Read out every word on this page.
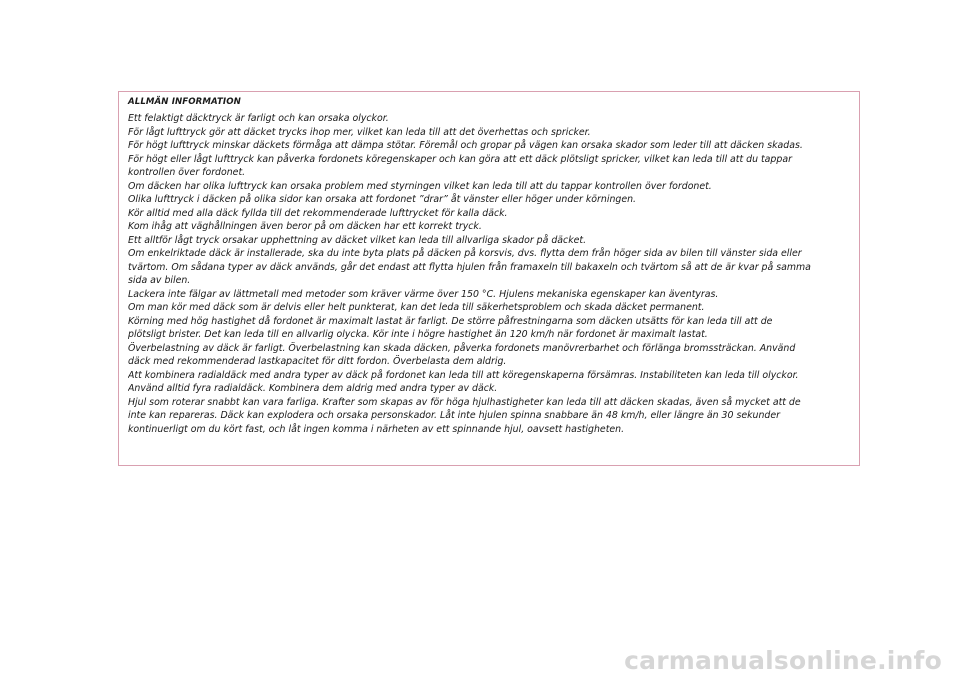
ALLMÄN INFORMATION
Ett felaktigt däcktryck är farligt och kan orsaka olyckor.
För lågt lufttryck gör att däcket trycks ihop mer, vilket kan leda till att det överhettas och spricker.
För högt lufttryck minskar däckets förmåga att dämpa stötar. Föremål och gropar på vägen kan orsaka skador som leder till att däcken skadas.
För högt eller lågt lufttryck kan påverka fordonets köregenskaper och kan göra att ett däck plötsligt spricker, vilket kan leda till att du tappar
kontrollen över fordonet.
Om däcken har olika lufttryck kan orsaka problem med styrningen vilket kan leda till att du tappar kontrollen över fordonet.
Olika lufttryck i däcken på olika sidor kan orsaka att fordonet ”drar” åt vänster eller höger under körningen.
Kör alltid med alla däck fyllda till det rekommenderade lufttrycket för kalla däck.
Kom ihåg att väghållningen även beror på om däcken har ett korrekt tryck.
Ett alltför lågt tryck orsakar upphettning av däcket vilket kan leda till allvarliga skador på däcket.
Om enkelriktade däck är installerade, ska du inte byta plats på däcken på korsvis, dvs. flytta dem från höger sida av bilen till vänster sida eller
tvärtom. Om sådana typer av däck används, går det endast att flytta hjulen från framaxeln till bakaxeln och tvärtom så att de är kvar på samma
sida av bilen.
Lackera inte fälgar av lättmetall med metoder som kräver värme över 150 °C. Hjulens mekaniska egenskaper kan äventyras.
Om man kör med däck som är delvis eller helt punkterat, kan det leda till säkerhetsproblem och skada däcket permanent.
Körning med hög hastighet då fordonet är maximalt lastat är farligt. De större påfrestningarna som däcken utsätts för kan leda till att de
plötsligt brister. Det kan leda till en allvarlig olycka. Kör inte i högre hastighet än 120 km/h när fordonet är maximalt lastat.
Överbelastning av däck är farligt. Överbelastning kan skada däcken, påverka fordonets manövrerbarhet och förlänga bromssträckan. Använd
däck med rekommenderad lastkapacitet för ditt fordon. Överbelasta dem aldrig.
Att kombinera radialdäck med andra typer av däck på fordonet kan leda till att köregenskaperna försämras. Instabiliteten kan leda till olyckor.
Använd alltid fyra radialdäck. Kombinera dem aldrig med andra typer av däck.
Hjul som roterar snabbt kan vara farliga. Krafter som skapas av för höga hjulhastigheter kan leda till att däcken skadas, även så mycket att de
inte kan repareras. Däck kan explodera och orsaka personskador. Låt inte hjulen spinna snabbare än 48 km/h, eller längre än 30 sekunder
kontinuerligt om du kört fast, och låt ingen komma i närheten av ett spinnande hjul, oavsett hastigheten.
carmanualsonline.info
